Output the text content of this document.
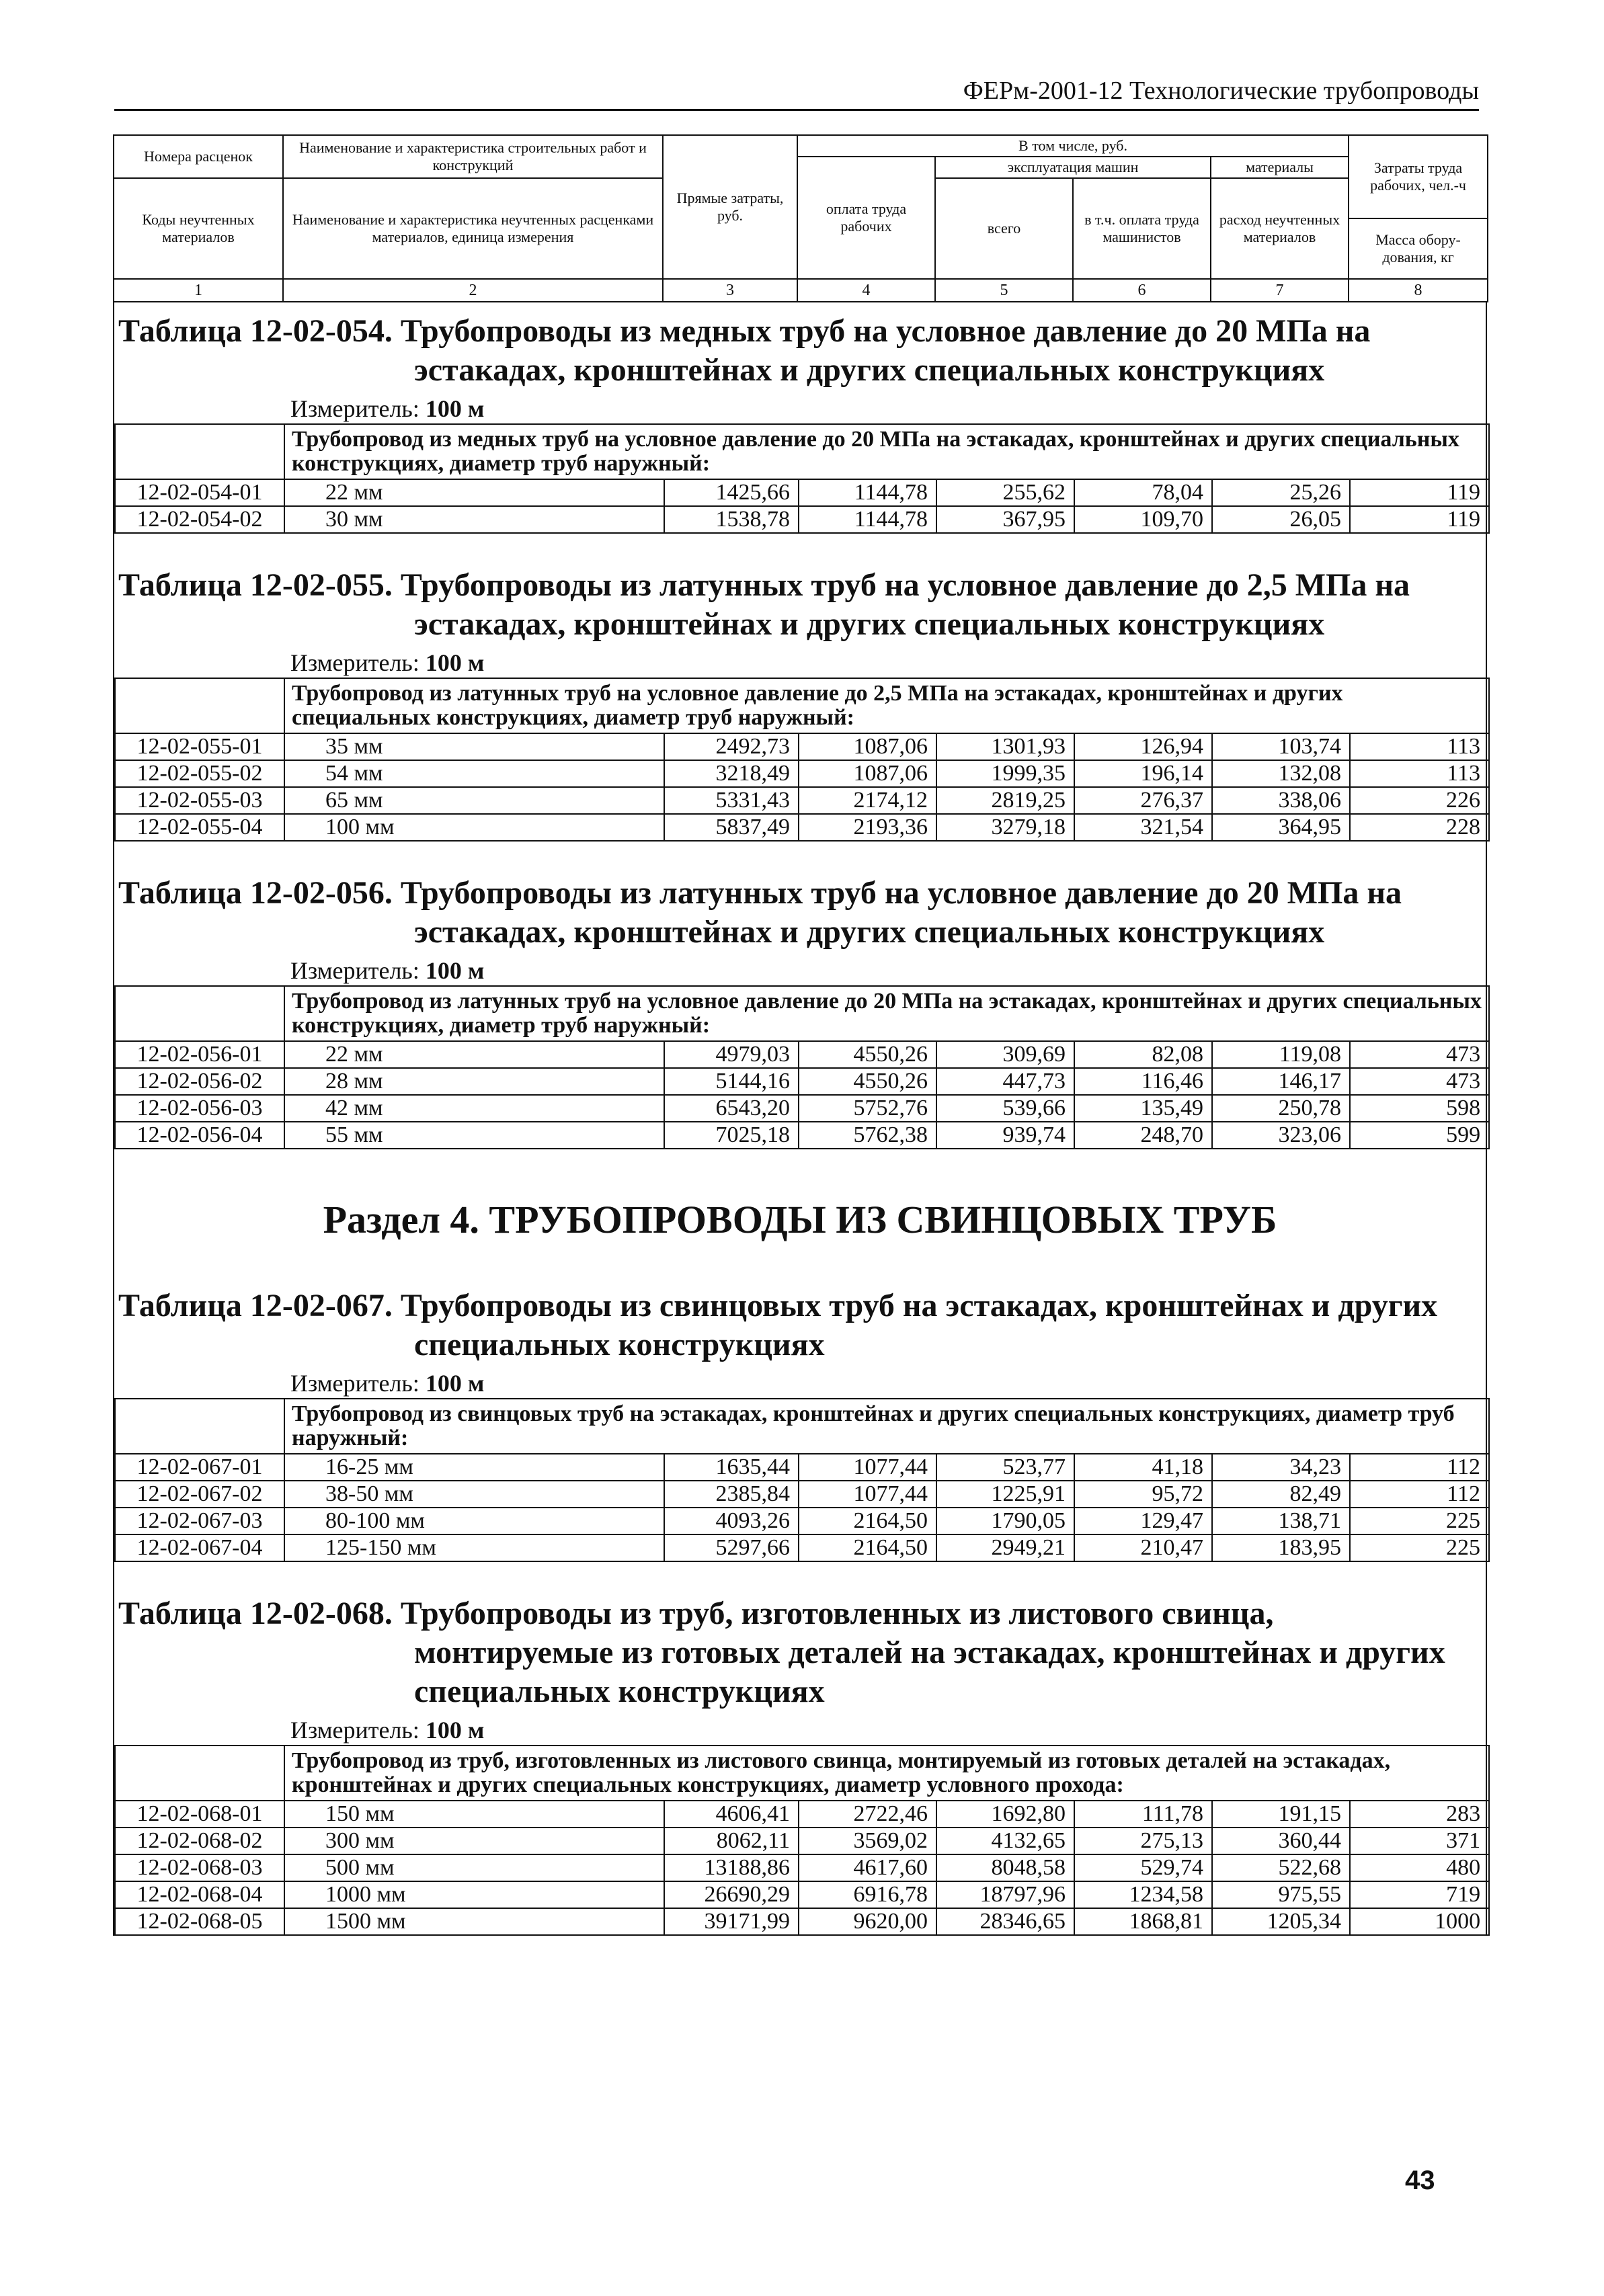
ФЕРм-2001-12 Технологические трубопроводы
Номера расценок	Наименование и характеристика строительных работ и конструкций	Прямые затраты, руб.	В том числе, руб.				Затраты труда рабочих, чел.-ч
			оплата труда рабочих	эксплуатация машин		материалы	
Коды неучтенных материалов	Наименование и характеристика неучтенных расценками материалов, единица измерения			всего	в т.ч. оплата труда машинистов	расход неучтенных материалов	
							Масса обору-дования, кг
1	2	3	4	5	6	7	8
Таблица 12-02-054. Трубопроводы из медных труб на условное давление до 20 МПа на
эстакадах, кронштейнах и других специальных конструкциях
Измеритель: 100 м
	Трубопровод из медных труб на условное давление до 20 МПа на эстакадах, кронштейнах и других специальных конструкциях, диаметр труб наружный:						
12-02-054-01	22 мм	1425,66	1144,78	255,62	78,04	25,26	119
12-02-054-02	30 мм	1538,78	1144,78	367,95	109,70	26,05	119
Таблица 12-02-055. Трубопроводы из латунных труб на условное давление до 2,5 МПа на
эстакадах, кронштейнах и других специальных конструкциях
Измеритель: 100 м
	Трубопровод из латунных труб на условное давление до 2,5 МПа на эстакадах, кронштейнах и других специальных конструкциях, диаметр труб наружный:						
12-02-055-01	35 мм	2492,73	1087,06	1301,93	126,94	103,74	113
12-02-055-02	54 мм	3218,49	1087,06	1999,35	196,14	132,08	113
12-02-055-03	65 мм	5331,43	2174,12	2819,25	276,37	338,06	226
12-02-055-04	100 мм	5837,49	2193,36	3279,18	321,54	364,95	228
Таблица 12-02-056. Трубопроводы из латунных труб на условное давление до 20 МПа на
эстакадах, кронштейнах и других специальных конструкциях
Измеритель: 100 м
	Трубопровод из латунных труб на условное давление до 20 МПа на эстакадах, кронштейнах и других специальных конструкциях, диаметр труб наружный:						
12-02-056-01	22 мм	4979,03	4550,26	309,69	82,08	119,08	473
12-02-056-02	28 мм	5144,16	4550,26	447,73	116,46	146,17	473
12-02-056-03	42 мм	6543,20	5752,76	539,66	135,49	250,78	598
12-02-056-04	55 мм	7025,18	5762,38	939,74	248,70	323,06	599
Раздел 4. ТРУБОПРОВОДЫ ИЗ СВИНЦОВЫХ ТРУБ
Таблица 12-02-067. Трубопроводы из свинцовых труб на эстакадах, кронштейнах и других
специальных конструкциях
Измеритель: 100 м
	Трубопровод из свинцовых труб на эстакадах, кронштейнах и других специальных конструкциях, диаметр труб наружный:						
12-02-067-01	16-25 мм	1635,44	1077,44	523,77	41,18	34,23	112
12-02-067-02	38-50 мм	2385,84	1077,44	1225,91	95,72	82,49	112
12-02-067-03	80-100 мм	4093,26	2164,50	1790,05	129,47	138,71	225
12-02-067-04	125-150 мм	5297,66	2164,50	2949,21	210,47	183,95	225
Таблица 12-02-068. Трубопроводы из труб, изготовленных из листового свинца,
монтируемые из готовых деталей на эстакадах, кронштейнах и других
специальных конструкциях
Измеритель: 100 м
	Трубопровод из труб, изготовленных из листового свинца, монтируемый из готовых деталей на эстакадах, кронштейнах и других специальных конструкциях, диаметр условного прохода:						
12-02-068-01	150 мм	4606,41	2722,46	1692,80	111,78	191,15	283
12-02-068-02	300 мм	8062,11	3569,02	4132,65	275,13	360,44	371
12-02-068-03	500 мм	13188,86	4617,60	8048,58	529,74	522,68	480
12-02-068-04	1000 мм	26690,29	6916,78	18797,96	1234,58	975,55	719
12-02-068-05	1500 мм	39171,99	9620,00	28346,65	1868,81	1205,34	1000
43
